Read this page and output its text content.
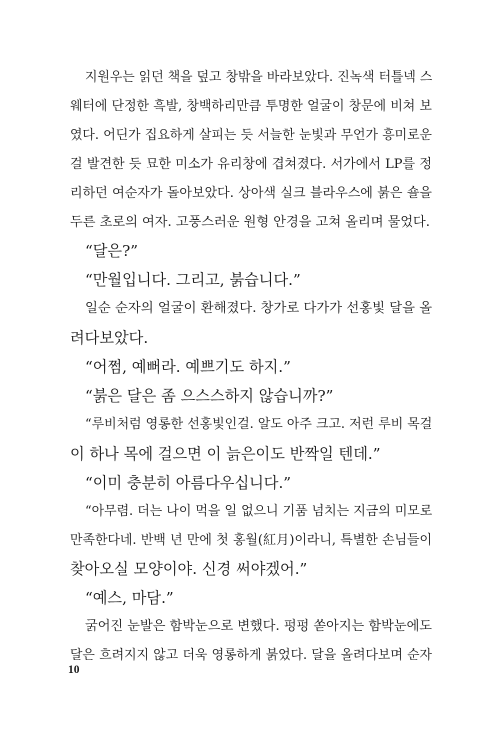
지원우는 읽던 책을 덮고 창밖을 바라보았다. 진녹색 터틀넥 스
웨터에 단정한 흑발, 창백하리만큼 투명한 얼굴이 창문에 비쳐 보
였다. 어딘가 집요하게 살피는 듯 서늘한 눈빛과 무언가 흥미로운
걸 발견한 듯 묘한 미소가 유리창에 겹쳐졌다. 서가에서 LP를 정
리하던 여순자가 돌아보았다. 상아색 실크 블라우스에 붉은 숄을
두른 초로의 여자. 고풍스러운 원형 안경을 고쳐 올리며 물었다.

“달은?”

“만월입니다. 그리고, 붉습니다.”

일순 순자의 얼굴이 환해졌다. 창가로 다가가 선홍빛 달을 올
려다보았다.

“어쩜, 예뻐라. 예쁘기도 하지.”

“붉은 달은 좀 으스스하지 않습니까?”

“루비처럼 영롱한 선홍빛인걸. 알도 아주 크고. 저런 루비 목걸
이 하나 목에 걸으면 이 늙은이도 반짝일 텐데.”

“이미 충분히 아름다우십니다.”

“아무렴. 더는 나이 먹을 일 없으니 기품 넘치는 지금의 미모로
만족한다네. 반백 년 만에 첫 홍월(紅月)이라니, 특별한 손님들이
찾아오실 모양이야. 신경 써야겠어.”

“예스, 마담.”

굵어진 눈발은 함박눈으로 변했다. 펑펑 쏟아지는 함박눈에도
달은 흐려지지 않고 더욱 영롱하게 붉었다. 달을 올려다보며 순자

10
